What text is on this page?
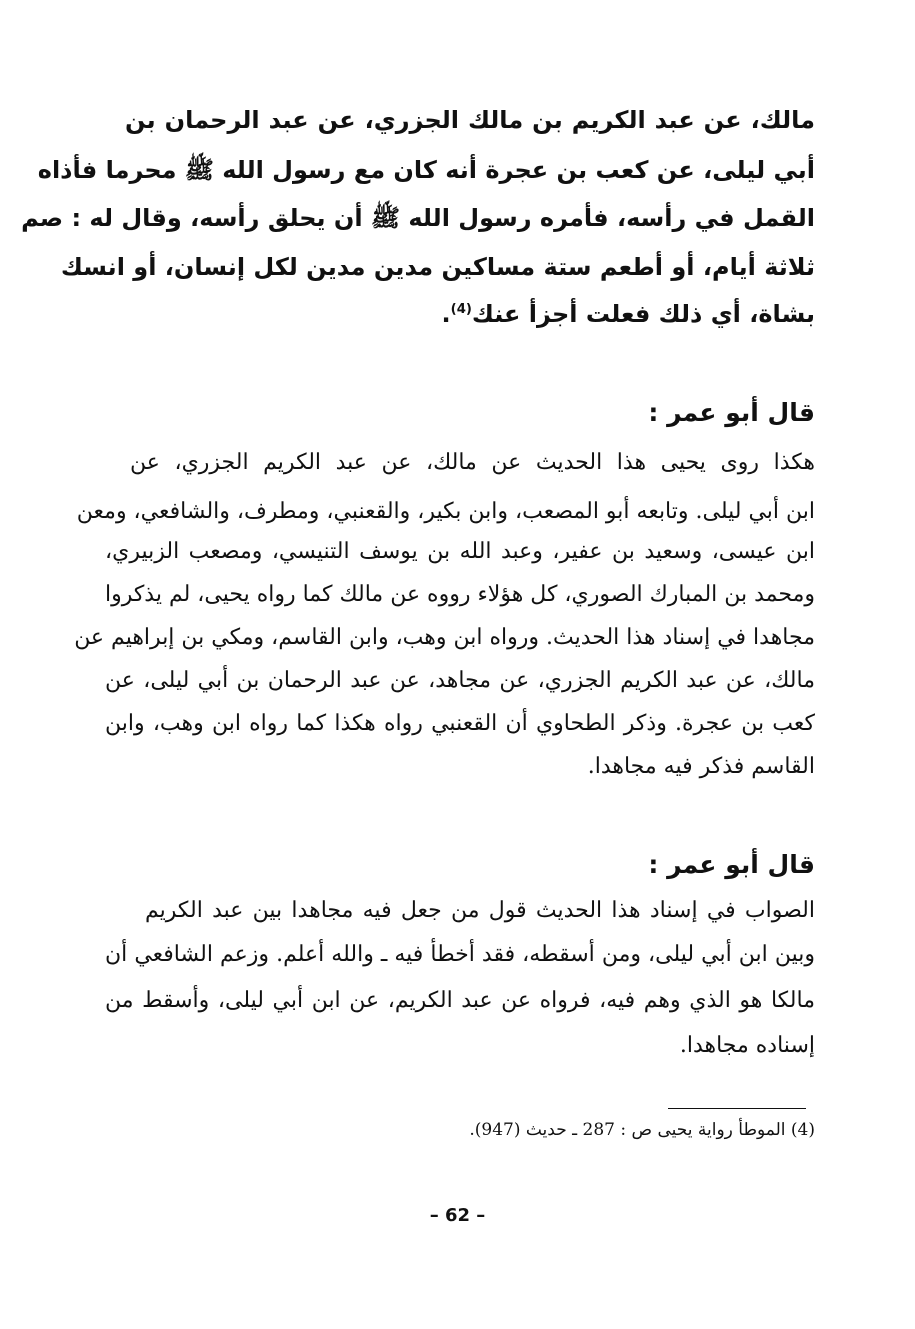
مالك، عن عبد الكريم بن مالك الجزري، عن عبد الرحمان بن
أبي ليلى، عن كعب بن عجرة أنه كان مع رسول الله ﷺ محرما فأذاه
القمل في رأسه، فأمره رسول الله ﷺ أن يحلق رأسه، وقال له : صم
ثلاثة أيام، أو أطعم ستة مساكين مدين مدين لكل إنسان، أو انسك
بشاة، أي ذلك فعلت أجزأ عنك$^{(4)}$.
قال أبو عمر :
هكذا روى يحيى هذا الحديث عن مالك، عن عبد الكريم الجزري، عن
ابن أبي ليلى. وتابعه أبو المصعب، وابن بكير، والقعنبي، ومطرف، والشافعي، ومعن
ابن عيسى، وسعيد بن عفير، وعبد الله بن يوسف التنيسي، ومصعب الزبيري،
ومحمد بن المبارك الصوري، كل هؤلاء رووه عن مالك كما رواه يحيى، لم يذكروا
مجاهدا في إسناد هذا الحديث. ورواه ابن وهب، وابن القاسم، ومكي بن إبراهيم عن
مالك، عن عبد الكريم الجزري، عن مجاهد، عن عبد الرحمان بن أبي ليلى، عن
كعب بن عجرة. وذكر الطحاوي أن القعنبي رواه هكذا كما رواه ابن وهب، وابن
القاسم فذكر فيه مجاهدا.
قال أبو عمر :
الصواب في إسناد هذا الحديث قول من جعل فيه مجاهدا بين عبد الكريم
وبين ابن أبي ليلى، ومن أسقطه، فقد أخطأ فيه ـ والله أعلم. وزعم الشافعي أن
مالكا هو الذي وهم فيه، فرواه عن عبد الكريم، عن ابن أبي ليلى، وأسقط من
إسناده مجاهدا.
(4) الموطأ رواية يحيى ص : 287 ـ حديث (947).
– 62 –
